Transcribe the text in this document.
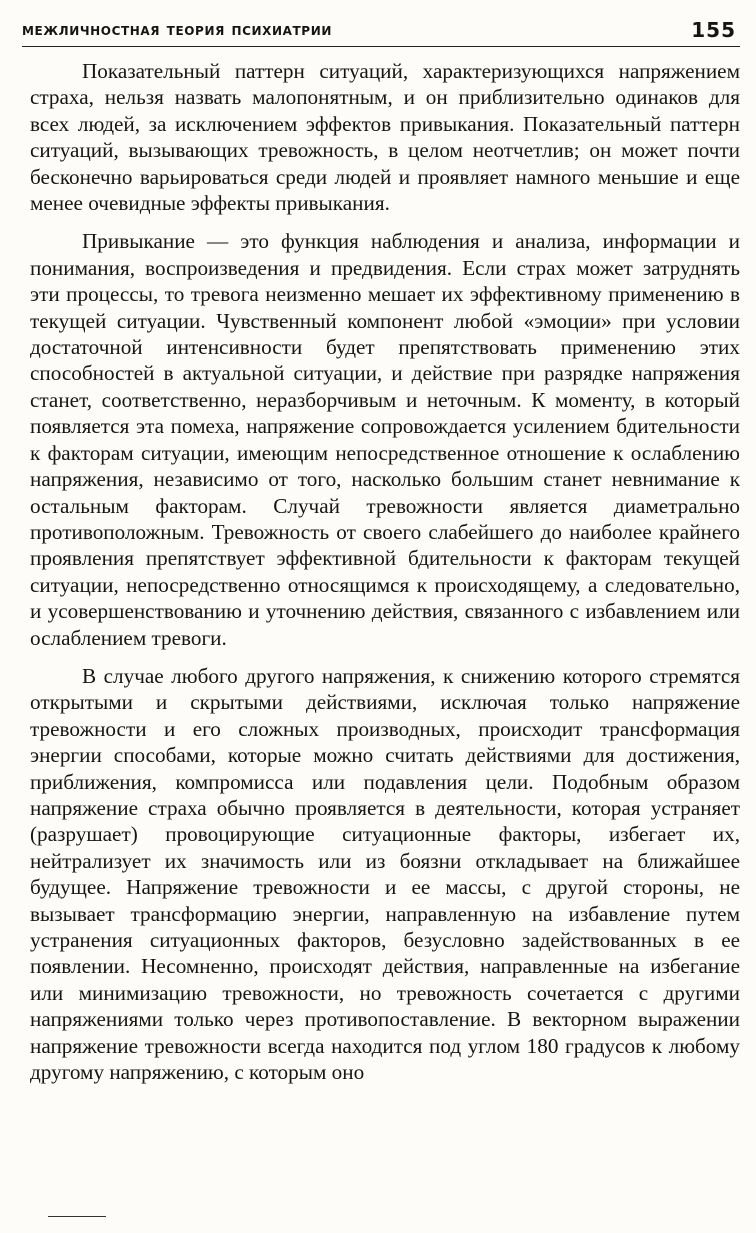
межличностная теория психиатрии	155

Показательный паттерн ситуаций, характеризующихся напряжением страха, нельзя назвать малопонятным, и он приблизительно одинаков для всех людей, за исключением эффектов привыкания. Показательный паттерн ситуаций, вызывающих тревожность, в целом неотчетлив; он может почти бесконечно варьироваться среди людей и проявляет намного меньшие и еще менее очевидные эффекты привыкания.

Привыкание — это функция наблюдения и анализа, информации и понимания, воспроизведения и предвидения. Если страх может затруднять эти процессы, то тревога неизменно мешает их эффективному применению в текущей ситуации. Чувственный компонент любой «эмоции» при условии достаточной интенсивности будет препятствовать применению этих способностей в актуальной ситуации, и действие при разрядке напряжения станет, соответственно, неразборчивым и неточным. К моменту, в который появляется эта помеха, напряжение сопровождается усилением бдительности к факторам ситуации, имеющим непосредственное отношение к ослаблению напряжения, независимо от того, насколько большим станет невнимание к остальным факторам. Случай тревожности является диаметрально противоположным. Тревожность от своего слабейшего до наиболее крайнего проявления препятствует эффективной бдительности к факторам текущей ситуации, непосредственно относящимся к происходящему, а следовательно, и усовершенствованию и уточнению действия, связанного с избавлением или ослаблением тревоги.

В случае любого другого напряжения, к снижению которого стремятся открытыми и скрытыми действиями, исключая только напряжение тревожности и его сложных производных, происходит трансформация энергии способами, которые можно считать действиями для достижения, приближения, компромисса или подавления цели. Подобным образом напряжение страха обычно проявляется в деятельности, которая устраняет (разрушает) провоцирующие ситуационные факторы, избегает их, нейтрализует их значимость или из боязни откладывает на ближайшее будущее. Напряжение тревожности и ее массы, с другой стороны, не вызывает трансформацию энергии, направленную на избавление путем устранения ситуационных факторов, безусловно задействованных в ее появлении. Несомненно, происходят действия, направленные на избегание или минимизацию тревожности, но тревожность сочетается с другими напряжениями только через противопоставление. В векторном выражении напряжение тревожности всегда находится под углом 180 градусов к любому другому напряжению, с которым оно
